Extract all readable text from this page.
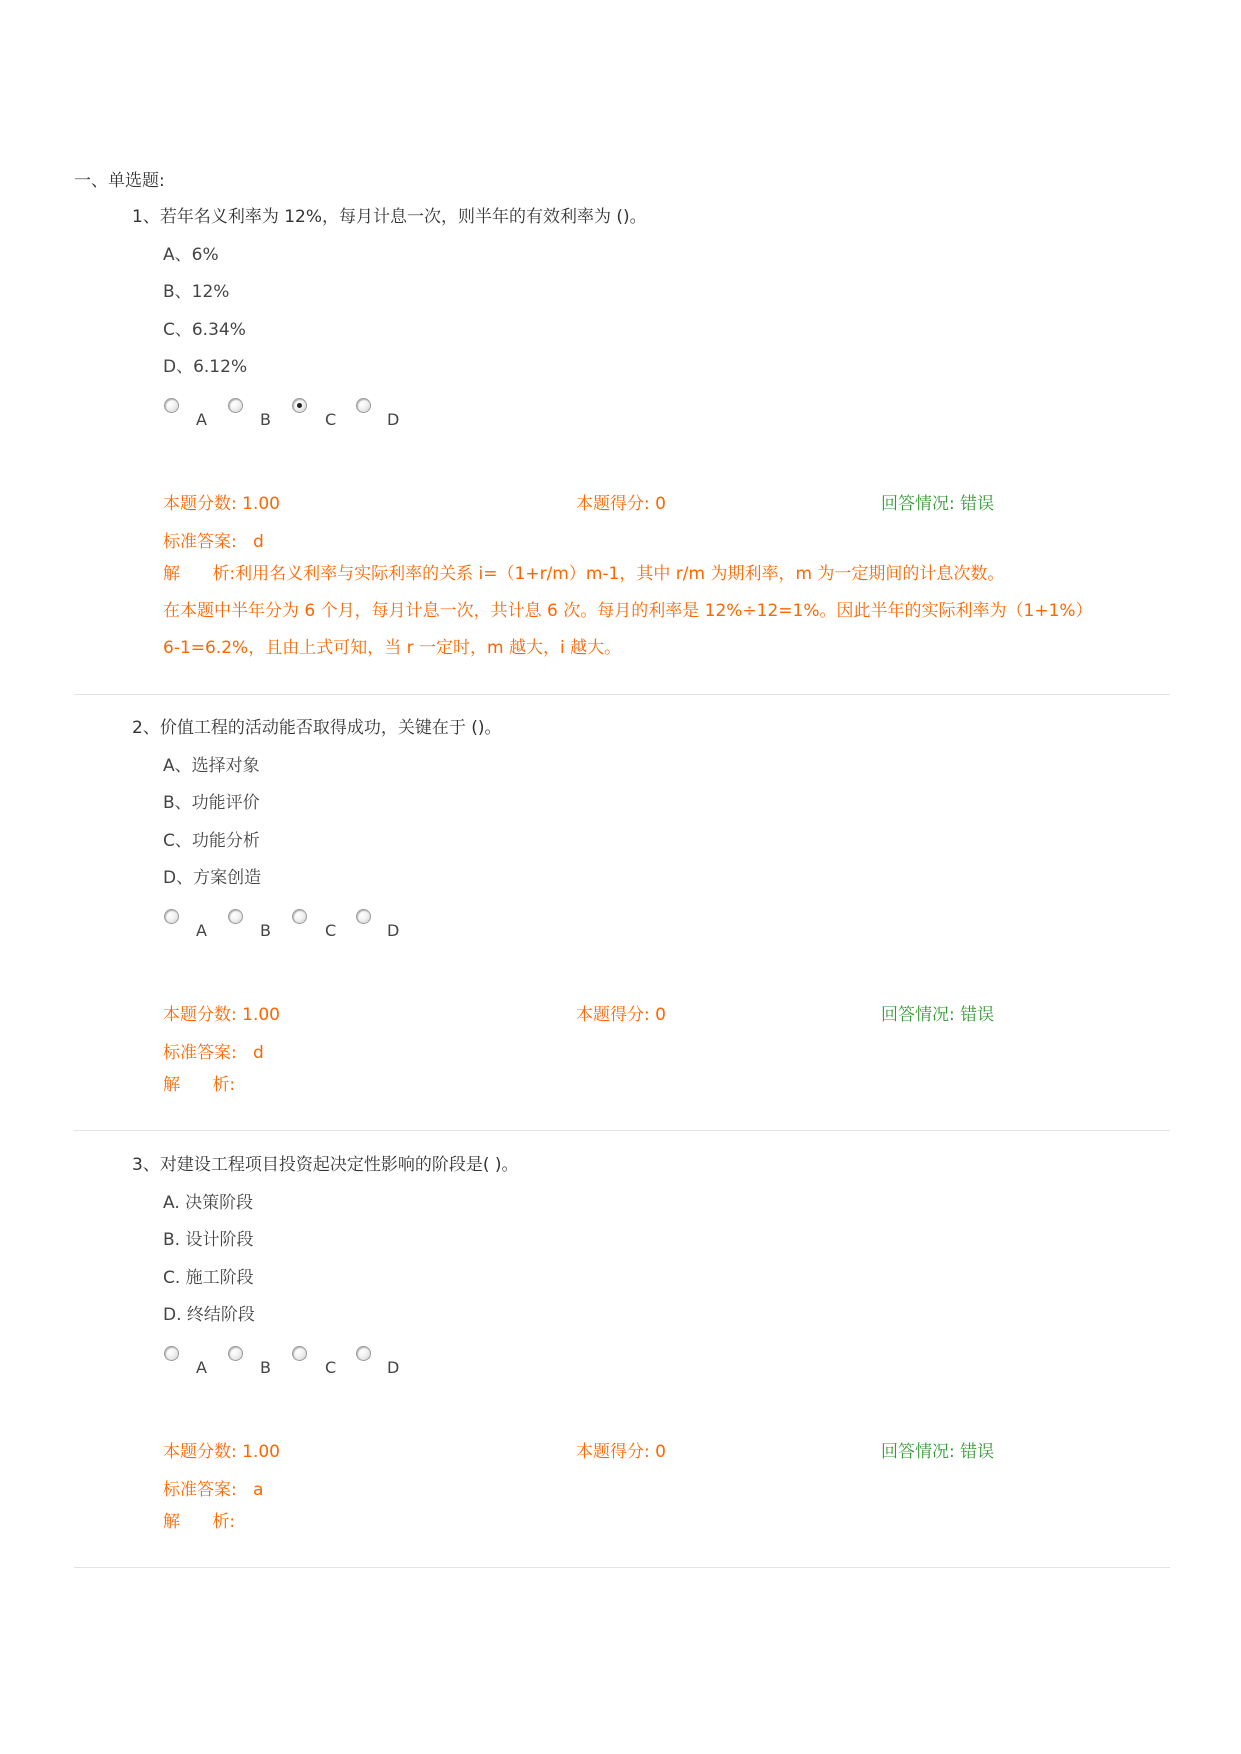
一、单选题:
1、若年名义利率为 12%，每月计息一次，则半年的有效利率为 ()。
A、6%
B、12%
C、6.34%
D、6.12%
A	B	C	D
本题分数: 1.00	本题得分: 0	回答情况: 错误
标准答案: d
解      析:利用名义利率与实际利率的关系 i=（1+r/m）m-1，其中 r/m 为期利率，m 为一定期间的计息次数。
在本题中半年分为 6 个月，每月计息一次，共计息 6 次。每月的利率是 12%÷12=1%。因此半年的实际利率为（1+1%）
6-1=6.2%，且由上式可知，当 r 一定时，m 越大，i 越大。
2、价值工程的活动能否取得成功，关键在于 ()。
A、选择对象
B、功能评价
C、功能分析
D、方案创造
A	B	C	D
本题分数: 1.00	本题得分: 0	回答情况: 错误
标准答案: d
解      析:
3、对建设工程项目投资起决定性影响的阶段是( )。
A. 决策阶段
B. 设计阶段
C. 施工阶段
D. 终结阶段
A	B	C	D
本题分数: 1.00	本题得分: 0	回答情况: 错误
标准答案: a
解      析:
